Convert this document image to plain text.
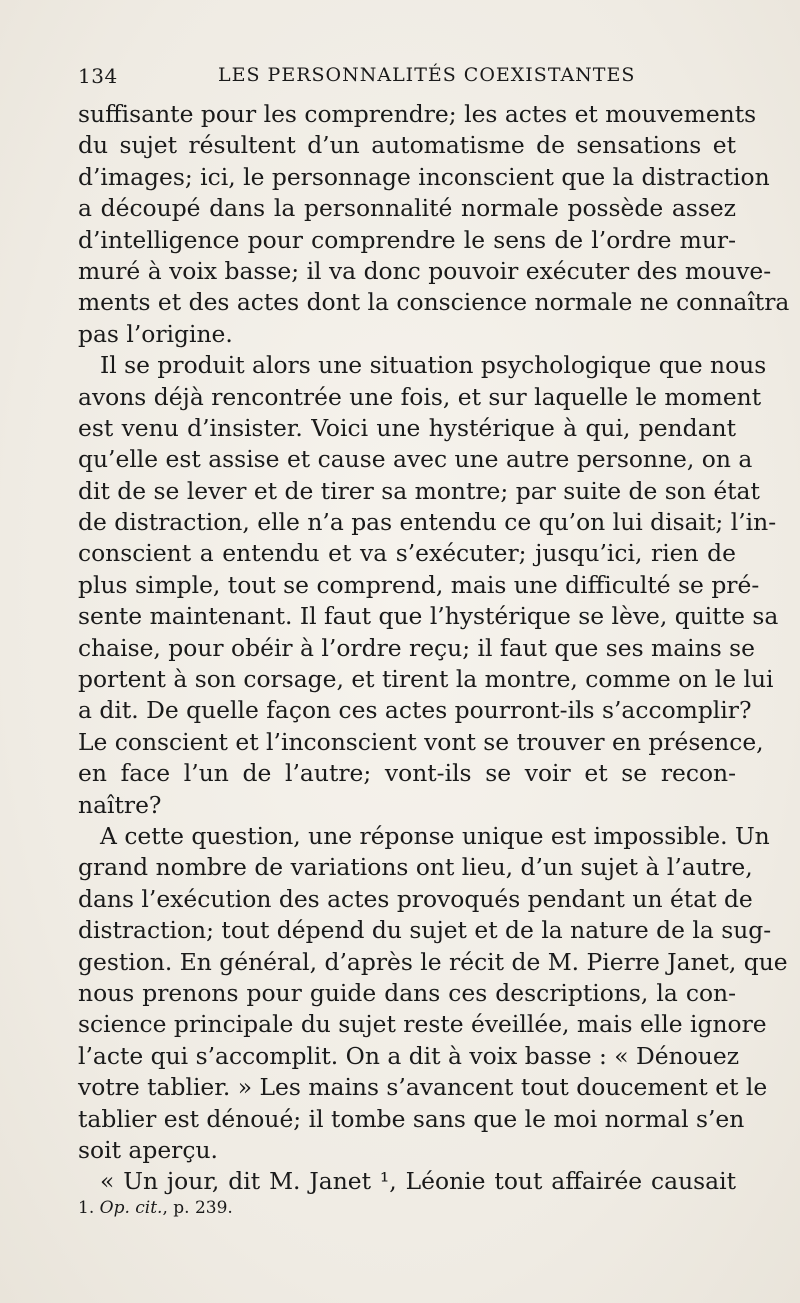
134	LES PERSONNALITÉS COEXISTANTES
suffisante pour les comprendre; les actes et mouvements
du sujet résultent d’un automatisme de sensations et
d’images; ici, le personnage inconscient que la distraction
a découpé dans la personnalité normale possède assez
d’intelligence pour comprendre le sens de l’ordre mur-
muré à voix basse; il va donc pouvoir exécuter des mouve-
ments et des actes dont la conscience normale ne connaîtra
pas l’origine.
Il se produit alors une situation psychologique que nous
avons déjà rencontrée une fois, et sur laquelle le moment
est venu d’insister. Voici une hystérique à qui, pendant
qu’elle est assise et cause avec une autre personne, on a
dit de se lever et de tirer sa montre; par suite de son état
de distraction, elle n’a pas entendu ce qu’on lui disait; l’in-
conscient a entendu et va s’exécuter; jusqu’ici, rien de
plus simple, tout se comprend, mais une difficulté se pré-
sente maintenant. Il faut que l’hystérique se lève, quitte sa
chaise, pour obéir à l’ordre reçu; il faut que ses mains se
portent à son corsage, et tirent la montre, comme on le lui
a dit. De quelle façon ces actes pourront-ils s’accomplir?
Le conscient et l’inconscient vont se trouver en présence,
en face l’un de l’autre; vont-ils se voir et se recon-
naître?
A cette question, une réponse unique est impossible. Un
grand nombre de variations ont lieu, d’un sujet à l’autre,
dans l’exécution des actes provoqués pendant un état de
distraction; tout dépend du sujet et de la nature de la sug-
gestion. En général, d’après le récit de M. Pierre Janet, que
nous prenons pour guide dans ces descriptions, la con-
science principale du sujet reste éveillée, mais elle ignore
l’acte qui s’accomplit. On a dit à voix basse : « Dénouez
votre tablier. » Les mains s’avancent tout doucement et le
tablier est dénoué; il tombe sans que le moi normal s’en
soit aperçu.
« Un jour, dit M. Janet ¹, Léonie tout affairée causait
1. Op. cit., p. 239.
